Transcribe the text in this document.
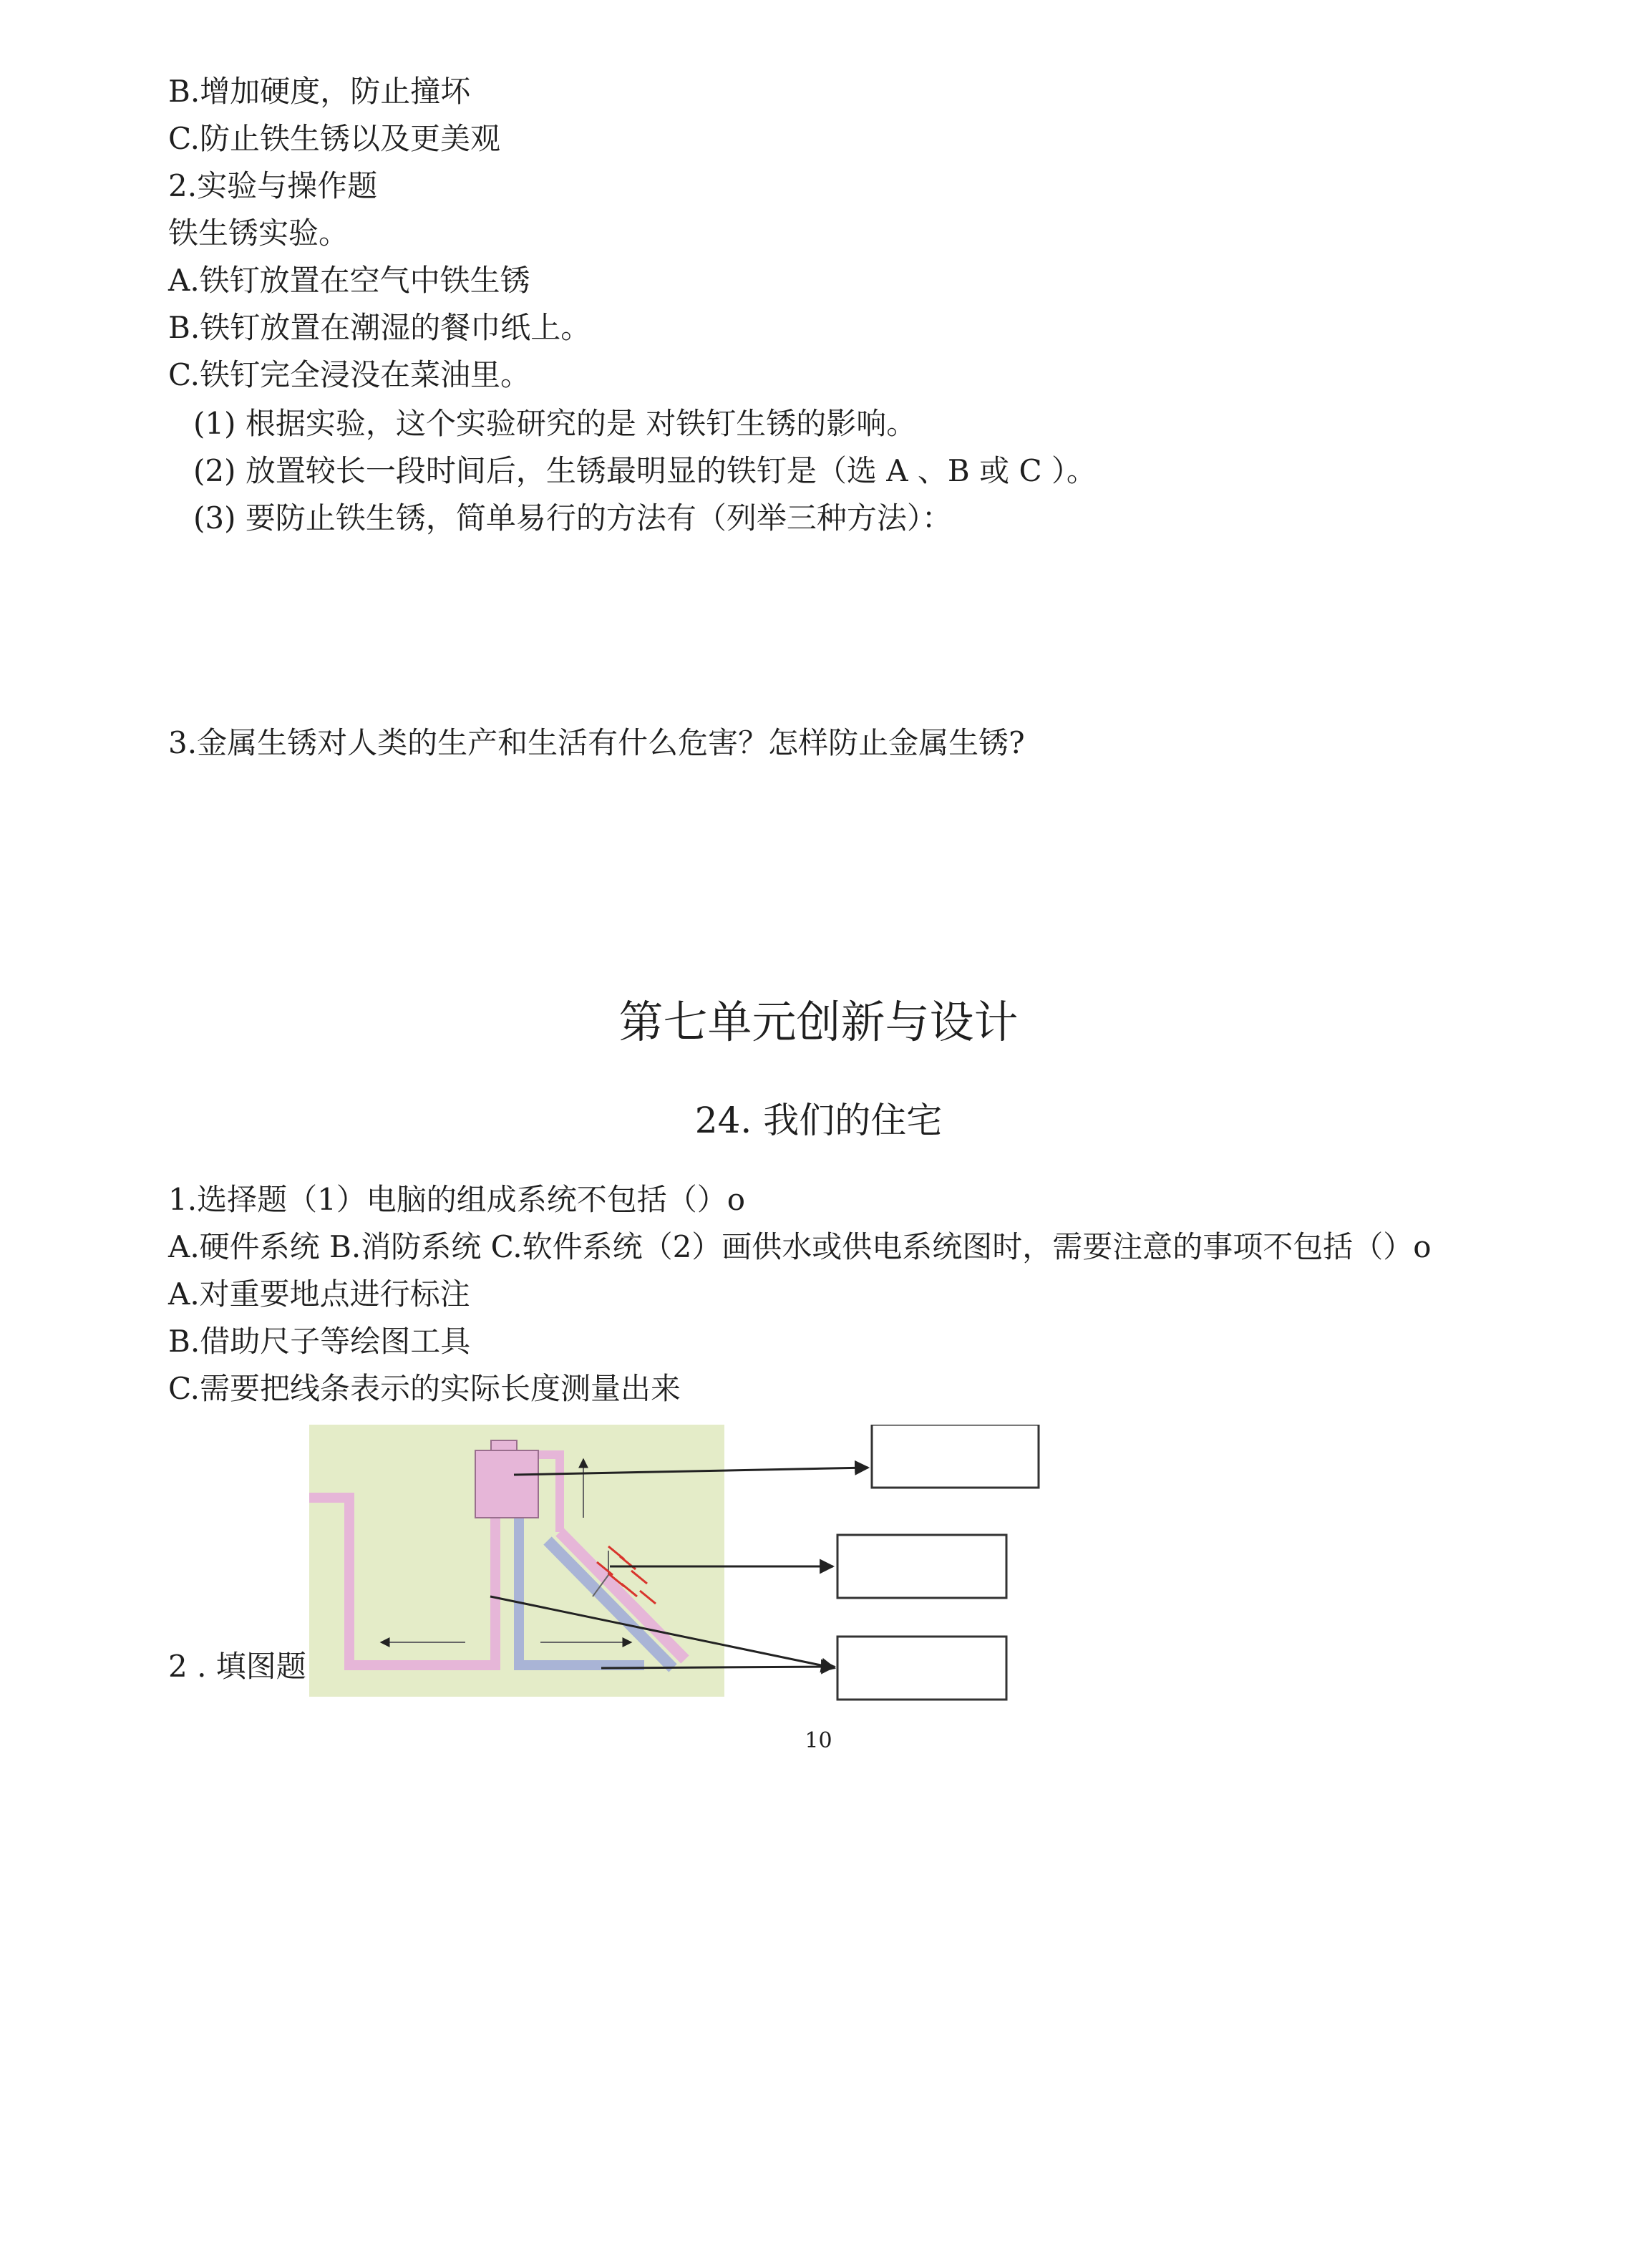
B.增加硬度，防止撞坏
C.防止铁生锈以及更美观
2.实验与操作题
铁生锈实验。
A.铁钉放置在空气中铁生锈
B.铁钉放置在潮湿的餐巾纸上。
C.铁钉完全浸没在菜油里。
(1) 根据实验，这个实验研究的是 对铁钉生锈的影响。
(2) 放置较长一段时间后，生锈最明显的铁钉是（选 A 、B 或 C ）。
(3) 要防止铁生锈，简单易行的方法有（列举三种方法）：
3.金属生锈对人类的生产和生活有什么危害？怎样防止金属生锈?
第七单元创新与设计
24. 我们的住宅
1.选择题（1）电脑的组成系统不包括（）o
A.硬件系统 B.消防系统 C.软件系统（2）画供水或供电系统图时，需要注意的事项不包括（）o
A.对重要地点进行标注
B.借助尺子等绘图工具
C.需要把线条表示的实际长度测量出来
2 . 填图题
10
